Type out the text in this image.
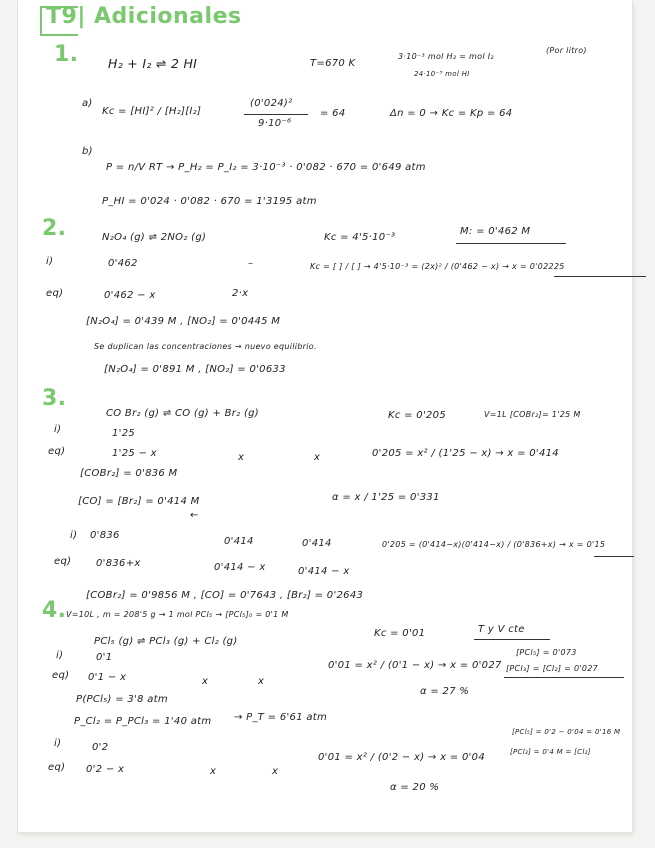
T9| Adicionales
1. H₂ + I₂ ⇌ 2 HI	T=670 K
3·10⁻³ mol H₂ = mol I₂
(Por litro)
24·10⁻³ mol HI
a)
Kc = [HI]² / [H₂][I₂]
(0'024)²
9·10⁻⁶
= 64	Δn = 0 → Kc = Kp = 64
b)
P = n/V RT → P_H₂ = P_I₂ = 3·10⁻³ · 0'082 · 670 = 0'649 atm
P_HI = 0'024 · 0'082 · 670 = 1'3195 atm
2.	N₂O₄ (g) ⇌ 2NO₂ (g)	Kc = 4'5·10⁻³
M: = 0'462 M
i)	0'462	–	Kc = [ ] / [ ] → 4'5·10⁻³ = (2x)² / (0'462 − x) → x = 0'02225
eq)	0'462 − x	2·x
[N₂O₄] = 0'439 M , [NO₂] = 0'0445 M
Se duplican las concentraciones → nuevo equilibrio.
[N₂O₄] = 0'891 M , [NO₂] = 0'0633
3.
CO Br₂ (g) ⇌ CO (g) + Br₂ (g)	Kc = 0'205	V=1L [COBr₂]= 1'25 M
i)	1'25
eq)	1'25 − x	x	x	0'205 = x² / (1'25 − x) → x = 0'414
[COBr₂] = 0'836 M
[CO] = [Br₂] = 0'414 M	α = x / 1'25 = 0'331
←
i) 0'836
0'414	0'414	0'205 = (0'414−x)(0'414−x) / (0'836+x) → x = 0'15
eq) 0'836+x	0'414 − x	0'414 − x
[COBr₂] = 0'9856 M , [CO] = 0'7643 , [Br₂] = 0'2643
4. V=10L , m = 208'5 g → 1 mol PCl₅ → [PCl₅]₀ = 0'1 M
Kc = 0'01	T y V cte
PCl₅ (g) ⇌ PCl₃ (g) + Cl₂ (g)
i)	0'1
eq) 0'1 − x	x	x
0'01 = x² / (0'1 − x) → x = 0'027
[PCl₅] = 0'073
[PCl₃] = [Cl₂] = 0'027
α = 27 %
P(PCl₅) = 3'8 atm
P_Cl₂ = P_PCl₃ = 1'40 atm → P_T = 6'61 atm
[PCl₅] = 0'2 − 0'04 = 0'16 M
i)	0'2
eq) 0'2 − x	x	x
0'01 = x² / (0'2 − x) → x = 0'04	[PCl₃] = 0'4 M = [Cl₂]
α = 20 %
